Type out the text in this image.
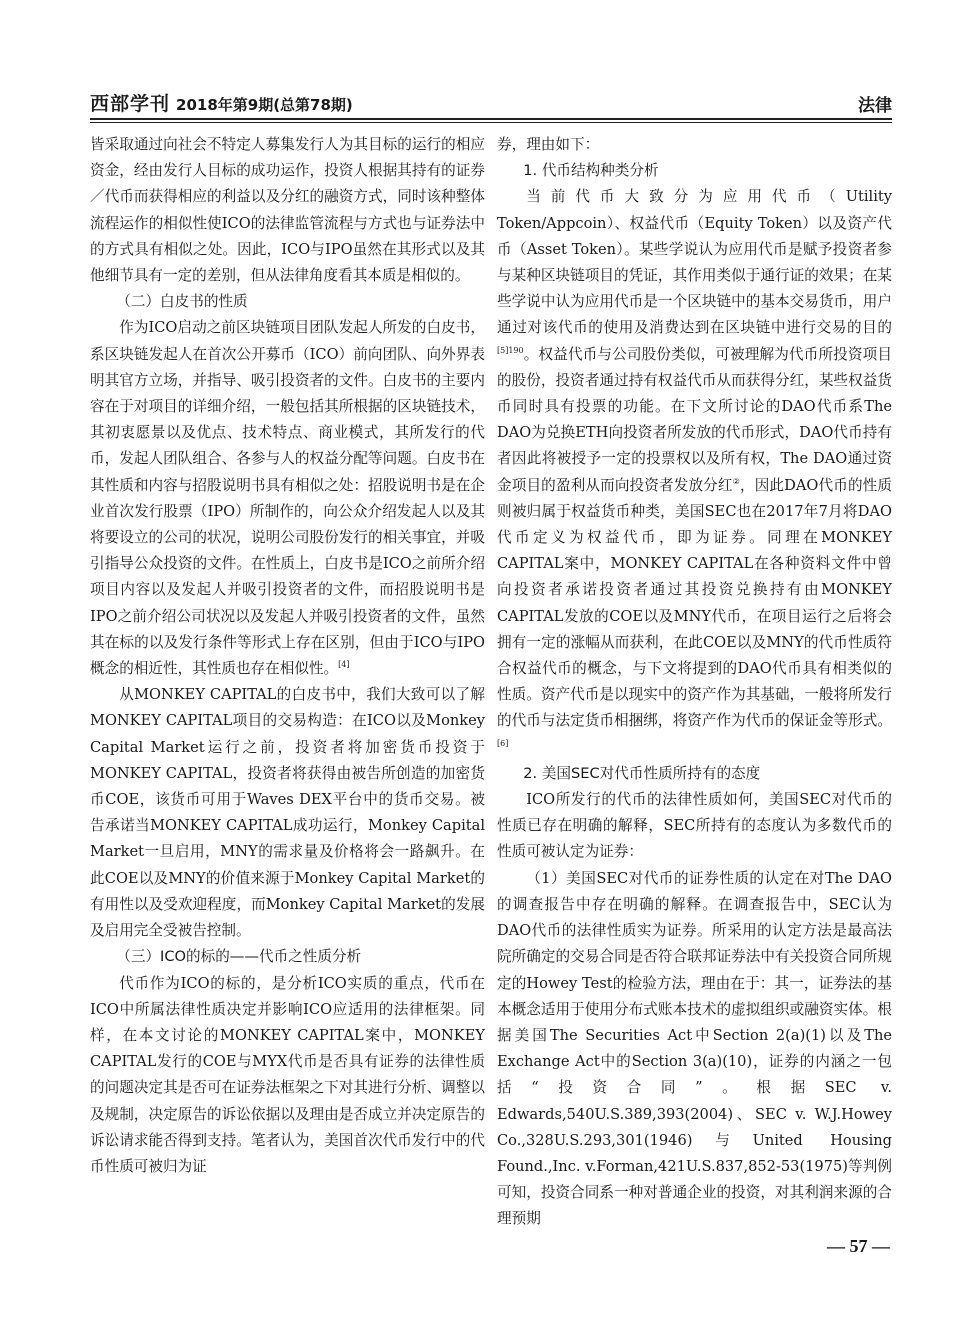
西部学刊 2018年第9期(总第78期)	法律

皆采取通过向社会不特定人募集发行人为其目标的运行的相应资金，经由发行人目标的成功运作，投资人根据其持有的证券／代币而获得相应的利益以及分红的融资方式，同时该种整体流程运作的相似性使ICO的法律监管流程与方式也与证券法中的方式具有相似之处。因此，ICO与IPO虽然在其形式以及其他细节具有一定的差别，但从法律角度看其本质是相似的。

（二）白皮书的性质

作为ICO启动之前区块链项目团队发起人所发的白皮书，系区块链发起人在首次公开募币（ICO）前向团队、向外界表明其官方立场，并指导、吸引投资者的文件。白皮书的主要内容在于对项目的详细介绍，一般包括其所根据的区块链技术，其初衷愿景以及优点、技术特点、商业模式，其所发行的代币，发起人团队组合、各参与人的权益分配等问题。白皮书在其性质和内容与招股说明书具有相似之处：招股说明书是在企业首次发行股票（IPO）所制作的，向公众介绍发起人以及其将要设立的公司的状况，说明公司股份发行的相关事宜，并吸引指导公众投资的文件。在性质上，白皮书是ICO之前所介绍项目内容以及发起人并吸引投资者的文件，而招股说明书是IPO之前介绍公司状况以及发起人并吸引投资者的文件，虽然其在标的以及发行条件等形式上存在区别，但由于ICO与IPO概念的相近性，其性质也存在相似性。[4]

从MONKEY CAPITAL的白皮书中，我们大致可以了解MONKEY CAPITAL项目的交易构造：在ICO以及Monkey Capital Market运行之前，投资者将加密货币投资于MONKEY CAPITAL，投资者将获得由被告所创造的加密货币COE，该货币可用于Waves DEX平台中的货币交易。被告承诺当MONKEY CAPITAL成功运行，Monkey Capital Market一旦启用，MNY的需求量及价格将会一路飙升。在此COE以及MNY的价值来源于Monkey Capital Market的有用性以及受欢迎程度，而Monkey Capital Market的发展及启用完全受被告控制。

（三）ICO的标的——代币之性质分析

代币作为ICO的标的，是分析ICO实质的重点，代币在ICO中所属法律性质决定并影响ICO应适用的法律框架。同样，在本文讨论的MONKEY CAPITAL案中，MONKEY CAPITAL发行的COE与MYX代币是否具有证券的法律性质的问题决定其是否可在证券法框架之下对其进行分析、调整以及规制，决定原告的诉讼依据以及理由是否成立并决定原告的诉讼请求能否得到支持。笔者认为，美国首次代币发行中的代币性质可被归为证

券，理由如下：

1. 代币结构种类分析

当前代币大致分为应用代币（Utility Token/Appcoin）、权益代币（Equity Token）以及资产代币（Asset Token）。某些学说认为应用代币是赋予投资者参与某种区块链项目的凭证，其作用类似于通行证的效果；在某些学说中认为应用代币是一个区块链中的基本交易货币，用户通过对该代币的使用及消费达到在区块链中进行交易的目的$^{[5]190}$。权益代币与公司股份类似，可被理解为代币所投资项目的股份，投资者通过持有权益代币从而获得分红，某些权益货币同时具有投票的功能。在下文所讨论的DAO代币系The DAO为兑换ETH向投资者所发放的代币形式，DAO代币持有者因此将被授予一定的投票权以及所有权，The DAO通过资金项目的盈利从而向投资者发放分红②，因此DAO代币的性质则被归属于权益货币种类，美国SEC也在2017年7月将DAO代币定义为权益代币，即为证券。同理在MONKEY CAPITAL案中，MONKEY CAPITAL在各种资料文件中曾向投资者承诺投资者通过其投资兑换持有由MONKEY CAPITAL发放的COE以及MNY代币，在项目运行之后将会拥有一定的涨幅从而获利，在此COE以及MNY的代币性质符合权益代币的概念，与下文将提到的DAO代币具有相类似的性质。资产代币是以现实中的资产作为其基础，一般将所发行的代币与法定货币相捆绑，将资产作为代币的保证金等形式。[6]

2. 美国SEC对代币性质所持有的态度

ICO所发行的代币的法律性质如何，美国SEC对代币的性质已存在明确的解释，SEC所持有的态度认为多数代币的性质可被认定为证券：

（1）美国SEC对代币的证券性质的认定在对The DAO的调查报告中存在明确的解释。在调查报告中，SEC认为DAO代币的法律性质实为证券。所采用的认定方法是最高法院所确定的交易合同是否符合联邦证券法中有关投资合同所规定的Howey Test的检验方法，理由在于：其一，证券法的基本概念适用于使用分布式账本技术的虚拟组织或融资实体。根据美国The Securities Act中Section 2(a)(1)以及The Exchange Act中的Section 3(a)(10)，证券的内涵之一包括“投资合同”。根据SEC v. Edwards,540U.S.389,393(2004)、SEC v. W.J.Howey Co.,328U.S.293,301(1946)与United Housing Found.,Inc. v.Forman,421U.S.837,852-53(1975)等判例可知，投资合同系一种对普通企业的投资，对其利润来源的合理预期

— 57 —
